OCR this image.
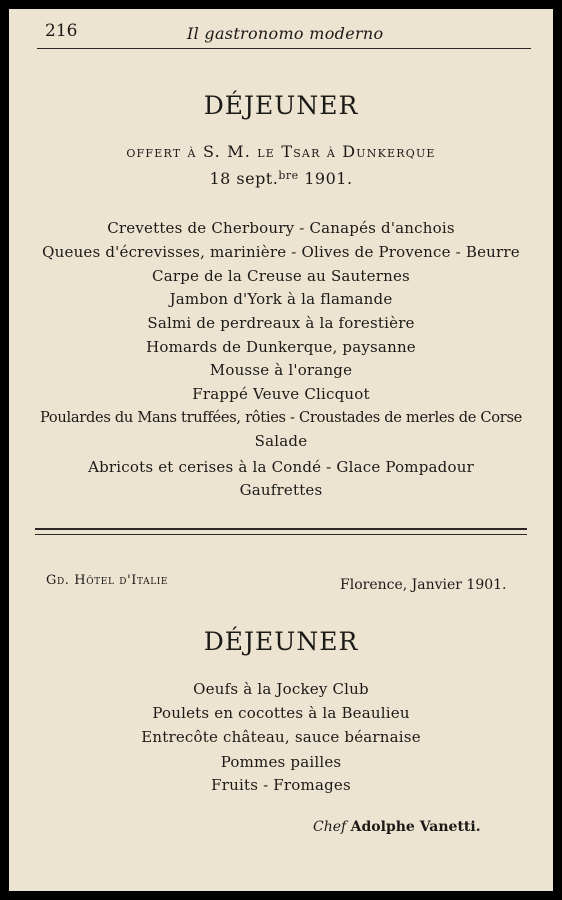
216	Il gastronomo moderno
DÉJEUNER
offert à S. M. le Tsar à Dunkerque
18 sept.$^{bre}$ 1901.
Crevettes de Cherboury - Canapés d'anchois
Queues d'écrevisses, marinière - Olives de Provence - Beurre
Carpe de la Creuse au Sauternes
Jambon d'York à la flamande
Salmi de perdreaux à la forestière
Homards de Dunkerque, paysanne
Mousse à l'orange
Frappé Veuve Clicquot
Poulardes du Mans truffées, rôties - Croustades de merles de Corse
Salade
Abricots et cerises à la Condé - Glace Pompadour
Gaufrettes
Gd. Hôtel d'Italie	Florence, Janvier 1901.
DÉJEUNER
Oeufs à la Jockey Club
Poulets en cocottes à la Beaulieu
Entrecôte château, sauce béarnaise
Pommes pailles
Fruits - Fromages
Chef Adolphe Vanetti.
